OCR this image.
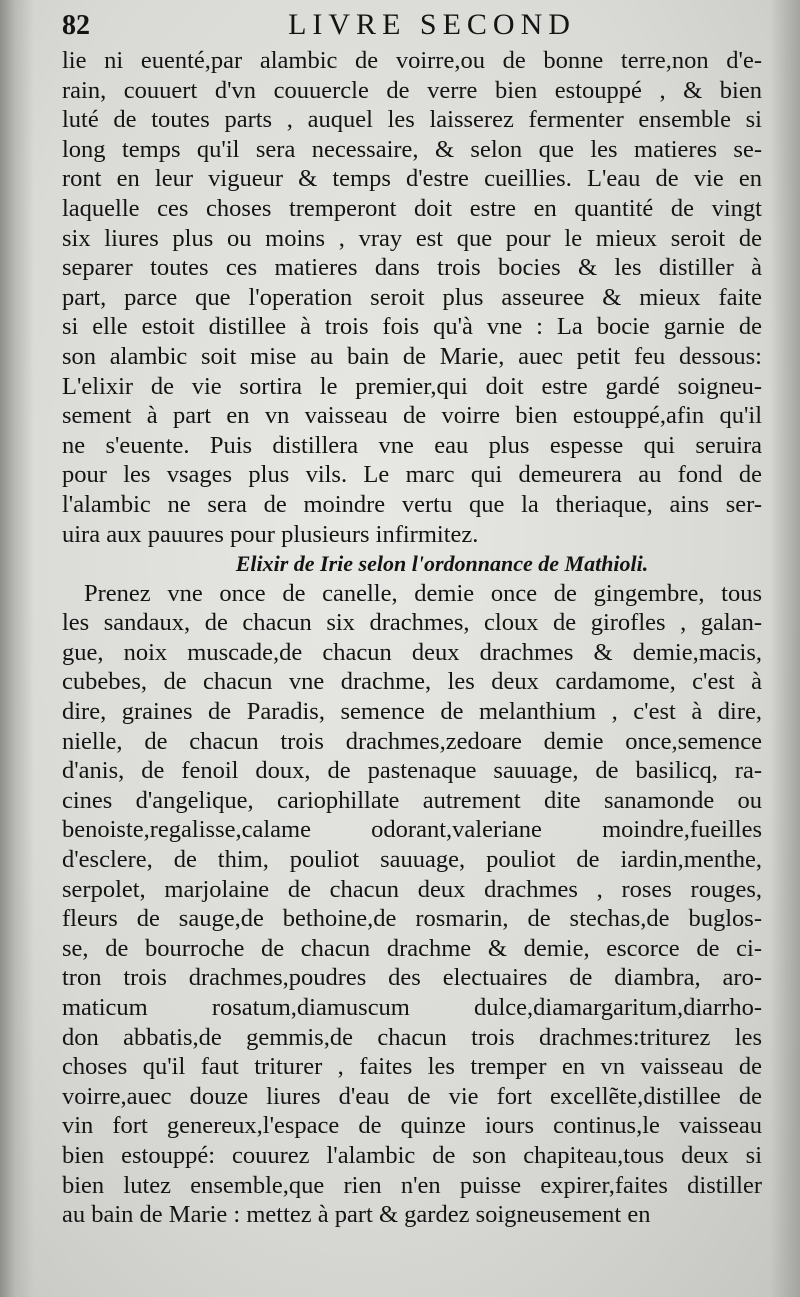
82	LIVRE SECOND
lie ni euenté,par alambic de voirre,ou de bonne terre,non d'e-
rain, couuert d'vn couuercle de verre bien estouppé , & bien
luté de toutes parts , auquel les laisserez fermenter ensemble si
long temps qu'il sera necessaire, & selon que les matieres se-
ront en leur vigueur & temps d'estre cueillies. L'eau de vie en
laquelle ces choses tremperont doit estre en quantité de vingt
six liures plus ou moins , vray est que pour le mieux seroit de
separer toutes ces matieres dans trois bocies & les distiller à
part, parce que l'operation seroit plus asseuree & mieux faite
si elle estoit distillee à trois fois qu'à vne : La bocie garnie de
son alambic soit mise au bain de Marie, auec petit feu dessous:
L'elixir de vie sortira le premier,qui doit estre gardé soigneu-
sement à part en vn vaisseau de voirre bien estouppé,afin qu'il
ne s'euente. Puis distillera vne eau plus espesse qui seruira
pour les vsages plus vils. Le marc qui demeurera au fond de
l'alambic ne sera de moindre vertu que la theriaque, ains ser-
uira aux pauures pour plusieurs infirmitez.
Elixir de Irie selon l'ordonnance de Mathioli.
Prenez vne once de canelle, demie once de gingembre, tous
les sandaux, de chacun six drachmes, cloux de girofles , galan-
gue, noix muscade,de chacun deux drachmes & demie,macis,
cubebes, de chacun vne drachme, les deux cardamome, c'est à
dire, graines de Paradis, semence de melanthium , c'est à dire,
nielle, de chacun trois drachmes,zedoare demie once,semence
d'anis, de fenoil doux, de pastenaque sauuage, de basilicq, ra-
cines d'angelique, cariophillate autrement dite sanamonde ou
benoiste,regalisse,calame odorant,valeriane moindre,fueilles
d'esclere, de thim, pouliot sauuage, pouliot de iardin,menthe,
serpolet, marjolaine de chacun deux drachmes , roses rouges,
fleurs de sauge,de bethoine,de rosmarin, de stechas,de buglos-
se, de bourroche de chacun drachme & demie, escorce de ci-
tron trois drachmes,poudres des electuaires de diambra, aro-
maticum rosatum,diamuscum dulce,diamargaritum,diarrho-
don abbatis,de gemmis,de chacun trois drachmes:triturez les
choses qu'il faut triturer , faites les tremper en vn vaisseau de
voirre,auec douze liures d'eau de vie fort excellẽte,distillee de
vin fort genereux,l'espace de quinze iours continus,le vaisseau
bien estouppé: couurez l'alambic de son chapiteau,tous deux si
bien lutez ensemble,que rien n'en puisse expirer,faites distiller
au bain de Marie : mettez à part & gardez soigneusement en
